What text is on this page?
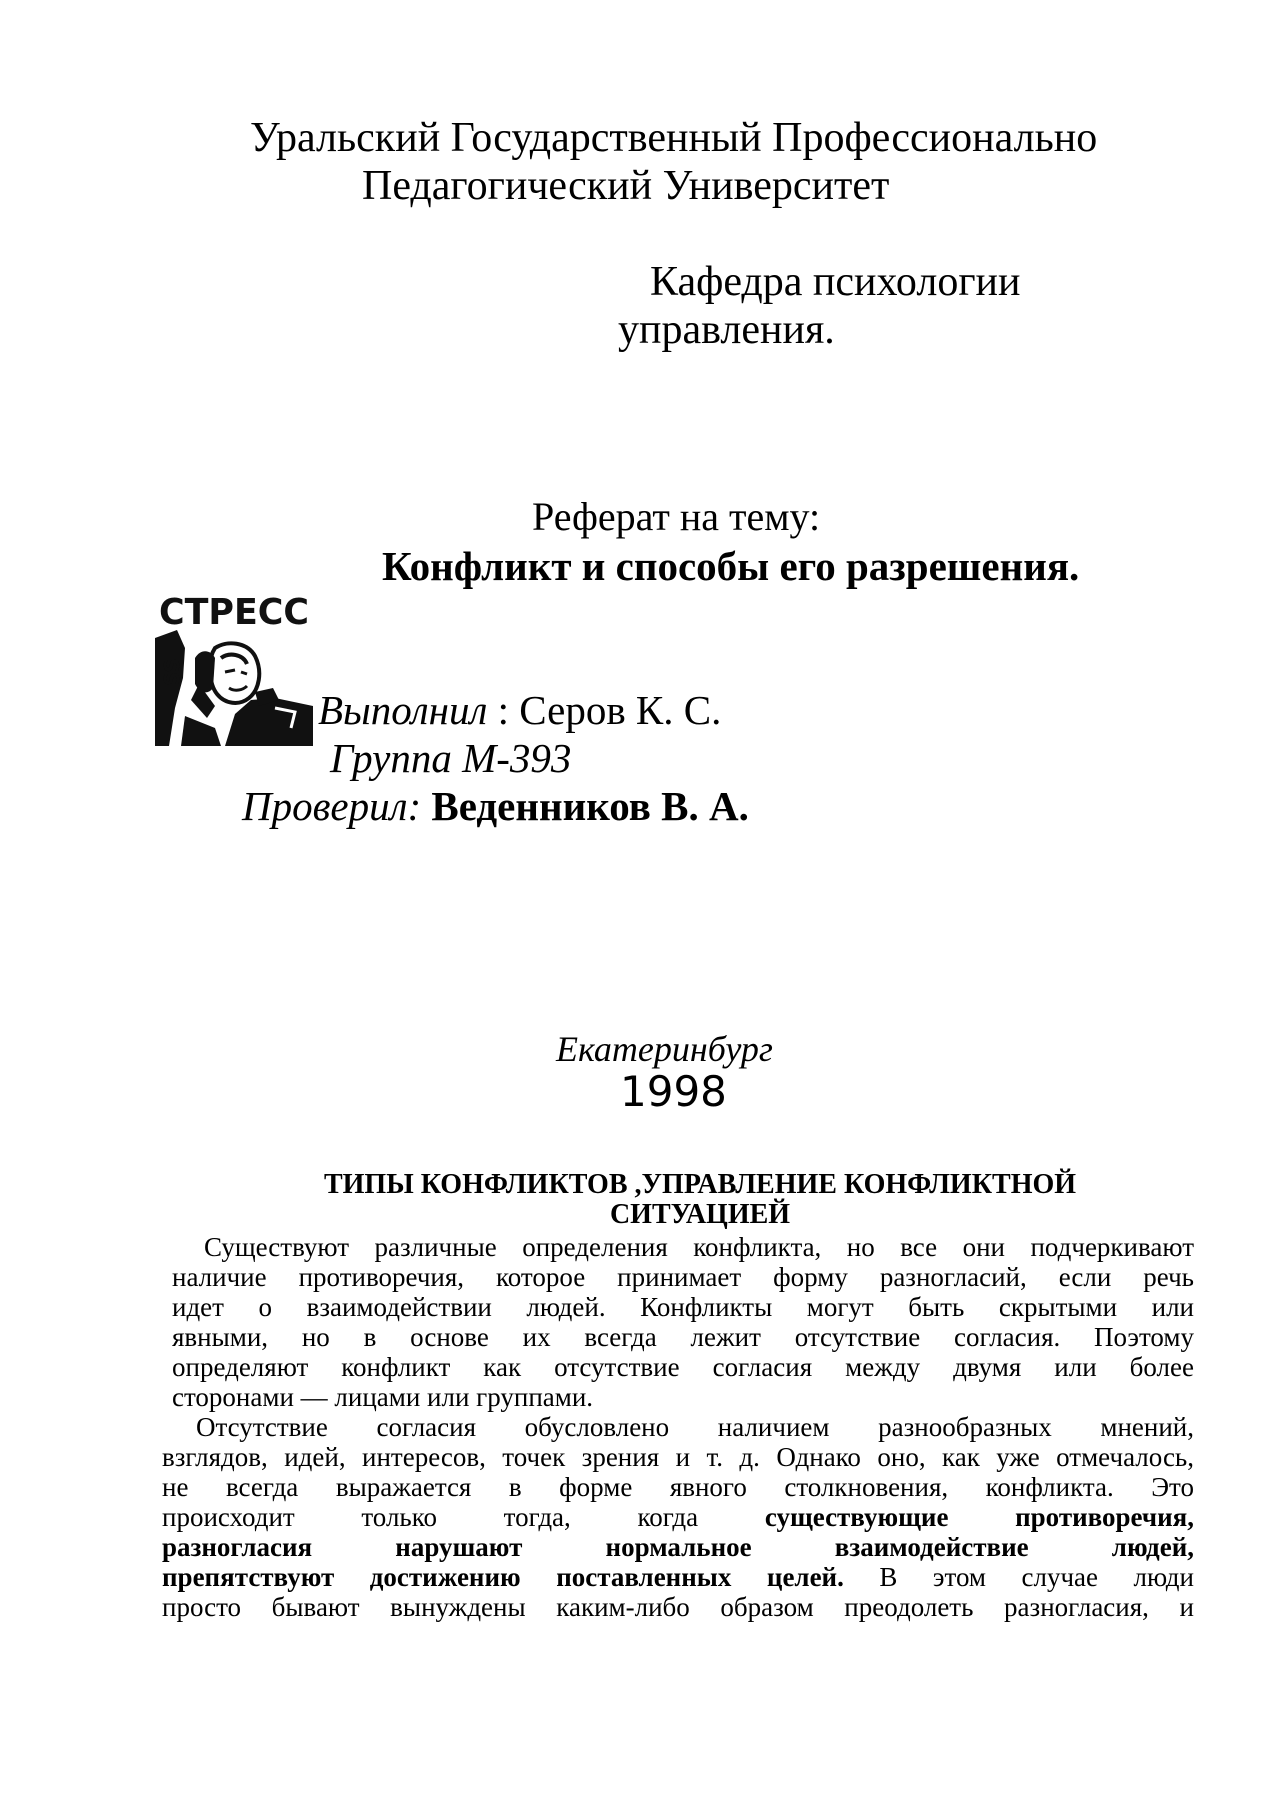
Уральский Государственный Профессионально
Педагогический Университет
Кафедра психологии
управления.
Реферат на тему:
Конфликт и способы его разрешения.
SS
СТРЕСС
Выполнил : Серов К. С.
Группа М-393
Проверил: Веденников В. А.
Екатеринбург
1998
ТИПЫ КОНФЛИКТОВ ,УПРАВЛЕНИЕ КОНФЛИКТНОЙ
СИТУАЦИЕЙ
Существуют различные определения конфликта, но все они подчеркивают
наличие противоречия, которое принимает форму разногласий, если речь
идет о взаимодействии людей. Конфликты могут быть скрытыми или
явными, но в основе их всегда лежит отсутствие согласия. Поэтому
определяют конфликт как отсутствие согласия между двумя или более
сторонами — лицами или группами.
Отсутствие согласия обусловлено наличием разнообразных мнений,
взглядов, идей, интересов, точек зрения и т. д. Однако оно, как уже отмечалось,
не всегда выражается в форме явного столкновения, конфликта. Это
происходит только тогда, когда существующие противоречия,
разногласия нарушают нормальное взаимодействие людей,
препятствуют достижению поставленных целей. В этом случае люди
просто бывают вынуждены каким-либо образом преодолеть разногласия, и
